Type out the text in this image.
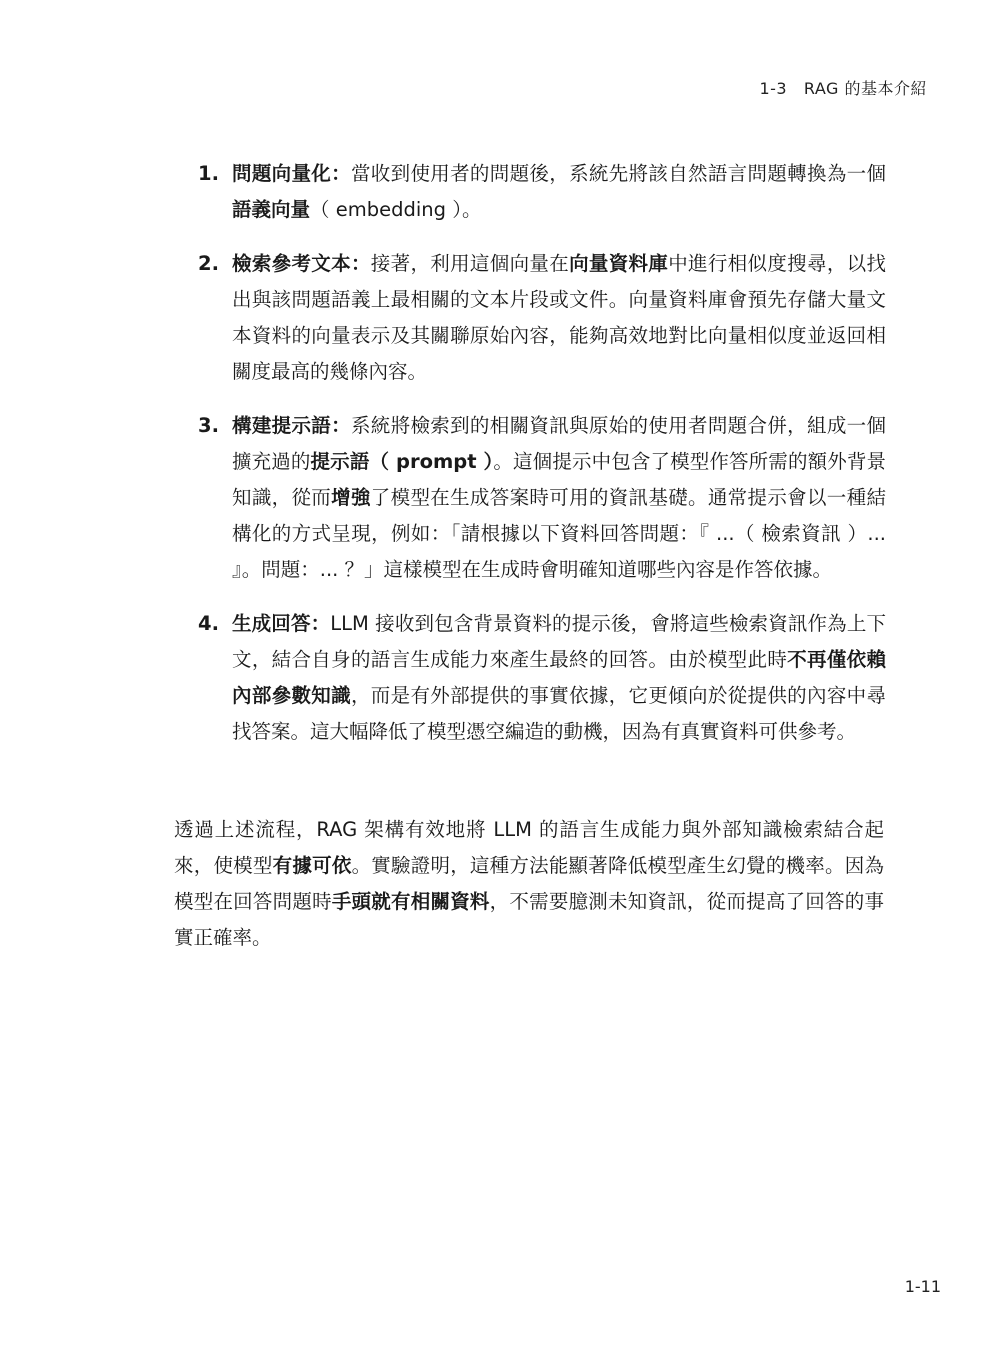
1-3 RAG 的基本介紹
1. 問題向量化：當收到使用者的問題後，系統先將該自然語言問題轉換為一個語義向量（ embedding ）。
2. 檢索參考文本：接著，利用這個向量在向量資料庫中進行相似度搜尋，以找出與該問題語義上最相關的文本片段或文件。向量資料庫會預先存儲大量文本資料的向量表示及其關聯原始內容，能夠高效地對比向量相似度並返回相關度最高的幾條內容。
3. 構建提示語：系統將檢索到的相關資訊與原始的使用者問題合併，組成一個擴充過的提示語（ prompt ）。這個提示中包含了模型作答所需的額外背景知識，從而增強了模型在生成答案時可用的資訊基礎。通常提示會以一種結構化的方式呈現，例如：「請根據以下資料回答問題：『 ...（ 檢索資訊 ）... 』。問題：... ？」這樣模型在生成時會明確知道哪些內容是作答依據。
4. 生成回答：LLM 接收到包含背景資料的提示後，會將這些檢索資訊作為上下文，結合自身的語言生成能力來產生最終的回答。由於模型此時不再僅依賴內部參數知識，而是有外部提供的事實依據，它更傾向於從提供的內容中尋找答案。這大幅降低了模型憑空編造的動機，因為有真實資料可供參考。

透過上述流程，RAG 架構有效地將 LLM 的語言生成能力與外部知識檢索結合起來，使模型有據可依。實驗證明，這種方法能顯著降低模型產生幻覺的機率。因為模型在回答問題時手頭就有相關資料，不需要臆測未知資訊，從而提高了回答的事實正確率。

1-11
